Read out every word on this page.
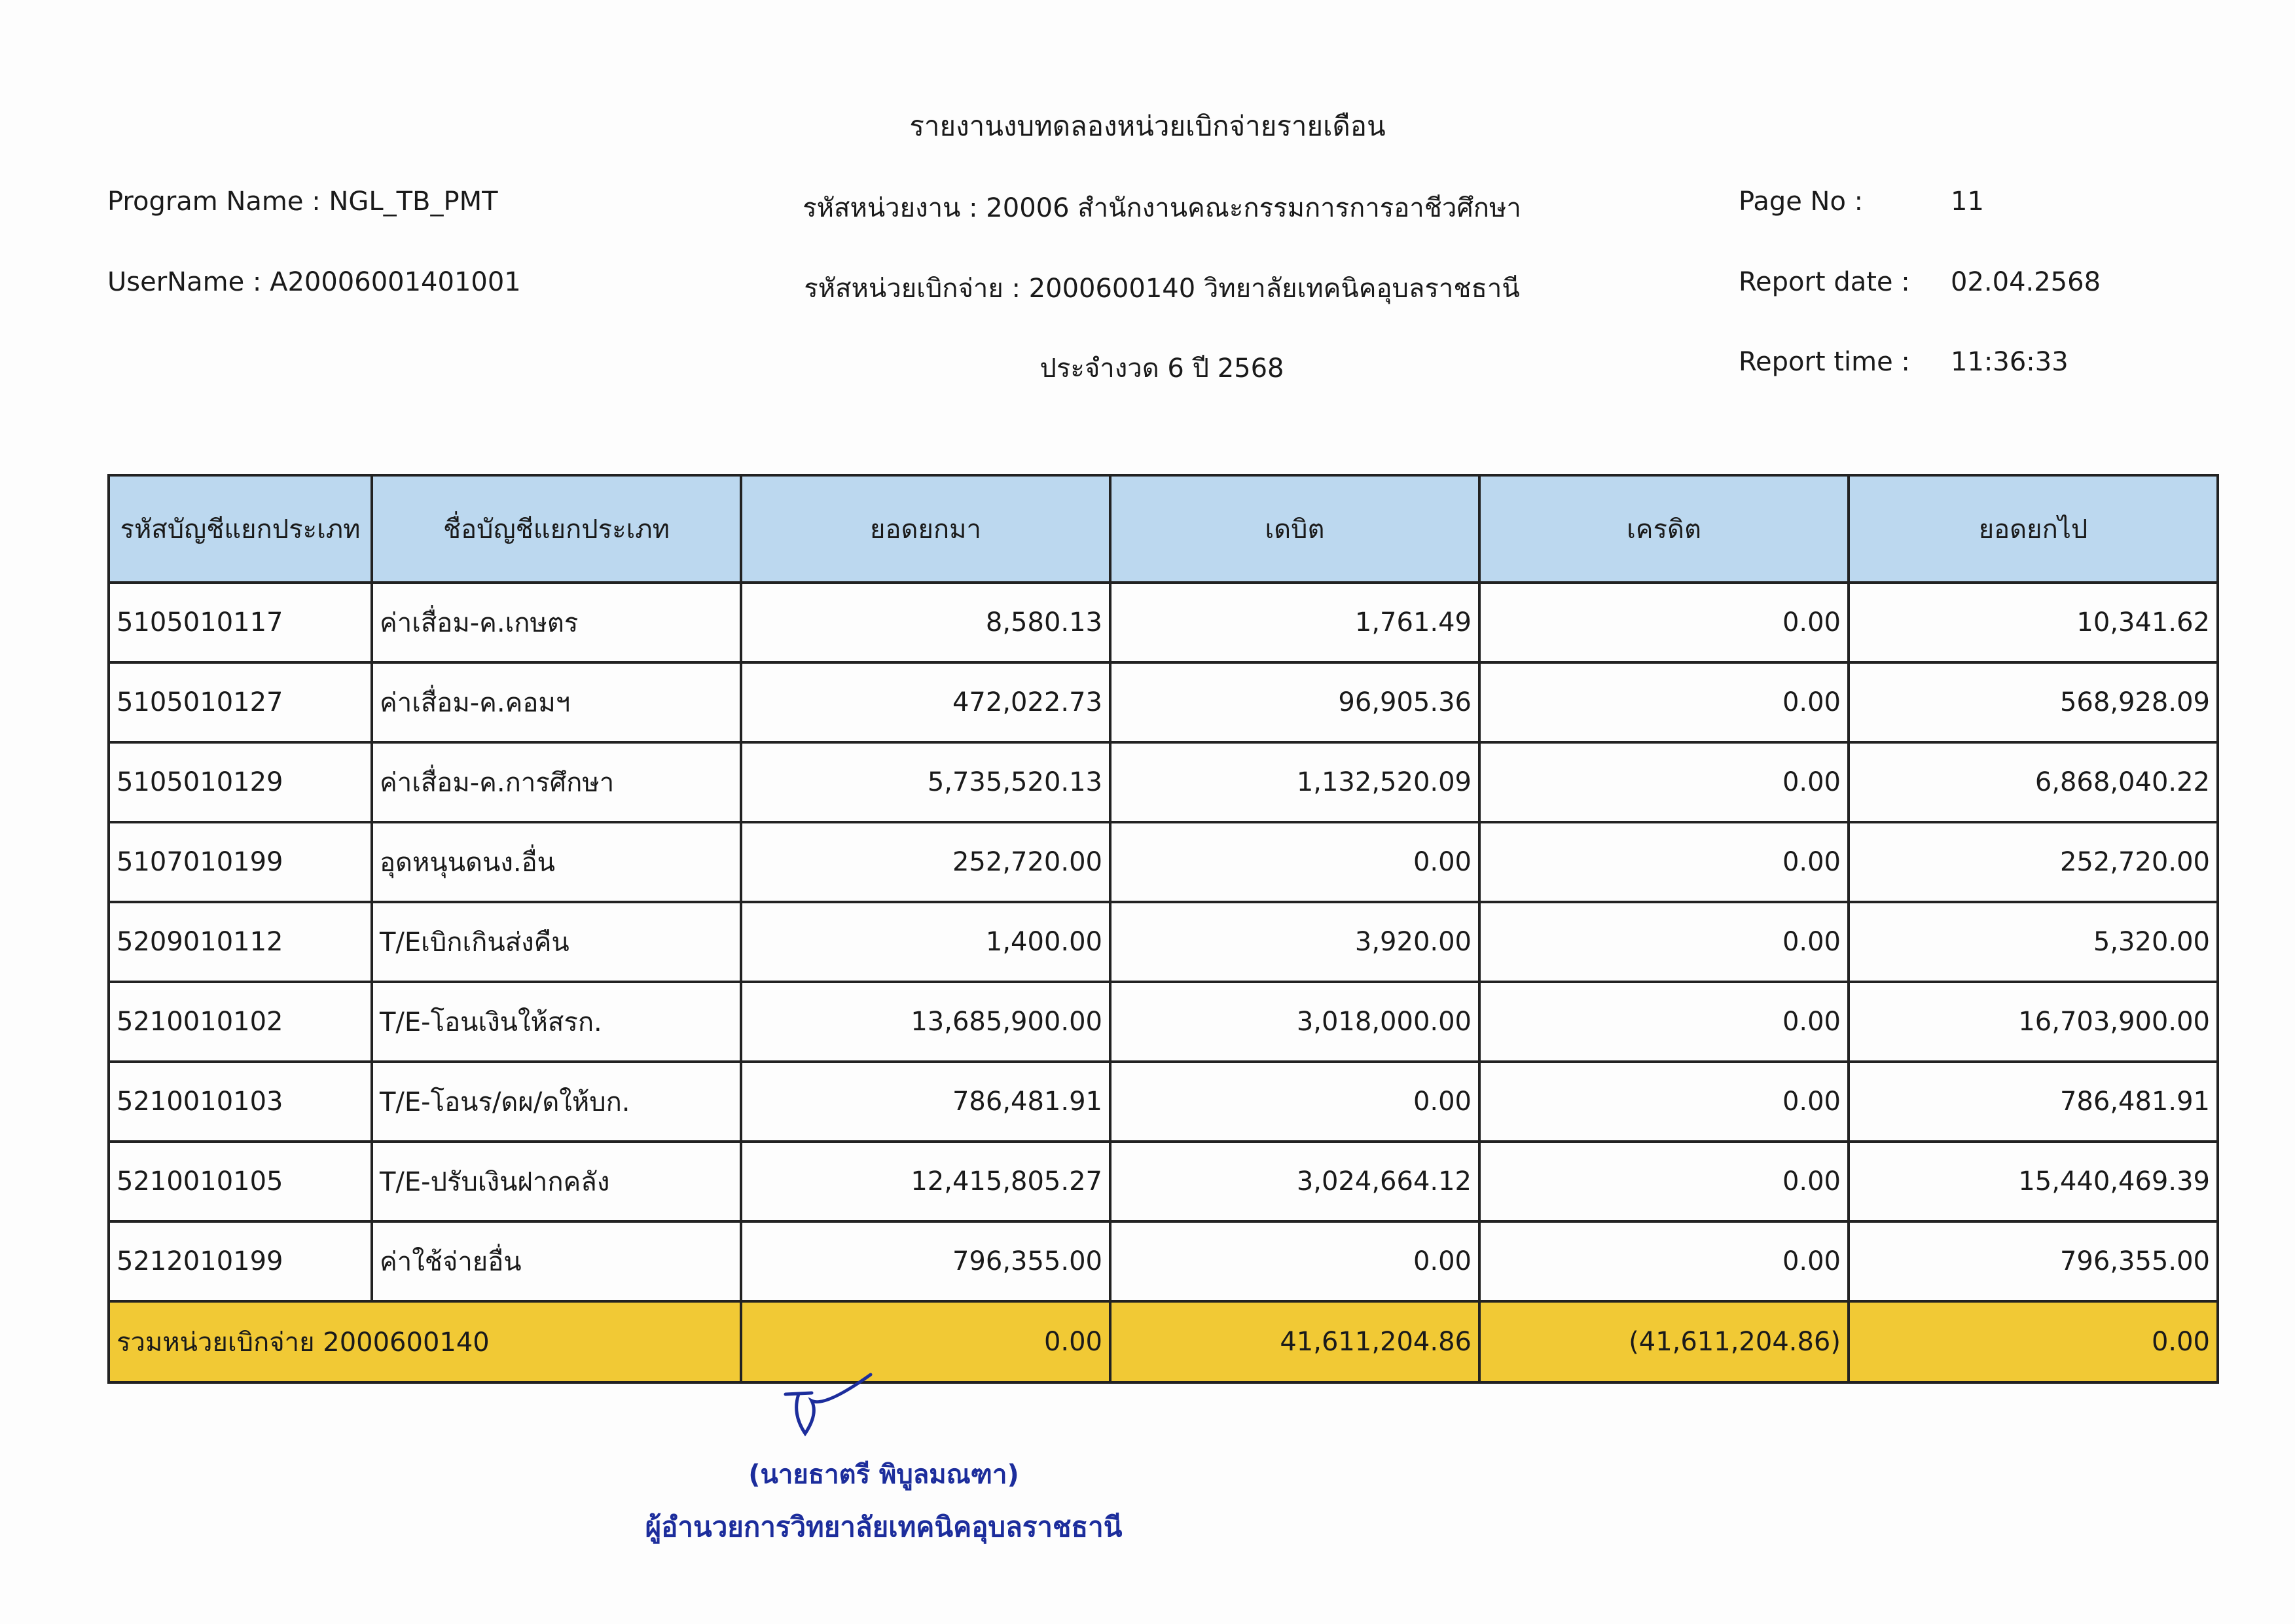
รายงานงบทดลองหน่วยเบิกจ่ายรายเดือน
Program Name : NGL_TB_PMT
UserName : A20006001401001
รหัสหน่วยงาน : 20006 สำนักงานคณะกรรมการการอาชีวศึกษา
รหัสหน่วยเบิกจ่าย : 2000600140 วิทยาลัยเทคนิคอุบลราชธานี
ประจำงวด 6 ปี 2568
Page No :	11
Report date : 02.04.2568
Report time : 11:36:33
รหัสบัญชีแยกประเภท	ชื่อบัญชีแยกประเภท	ยอดยกมา	เดบิต	เครดิต	ยอดยกไป
5105010117	ค่าเสื่อม-ค.เกษตร	8,580.13	1,761.49	0.00	10,341.62
5105010127	ค่าเสื่อม-ค.คอมฯ	472,022.73	96,905.36	0.00	568,928.09
5105010129	ค่าเสื่อม-ค.การศึกษา	5,735,520.13	1,132,520.09	0.00	6,868,040.22
5107010199	อุดหนุนดนง.อื่น	252,720.00	0.00	0.00	252,720.00
5209010112	T/Eเบิกเกินส่งคืน	1,400.00	3,920.00	0.00	5,320.00
5210010102	T/E-โอนเงินให้สรก.	13,685,900.00	3,018,000.00	0.00	16,703,900.00
5210010103	T/E-โอนร/ดผ/ดให้บก.	786,481.91	0.00	0.00	786,481.91
5210010105	T/E-ปรับเงินฝากคลัง	12,415,805.27	3,024,664.12	0.00	15,440,469.39
5212010199	ค่าใช้จ่ายอื่น	796,355.00	0.00	0.00	796,355.00
รวมหน่วยเบิกจ่าย 2000600140		0.00	41,611,204.86	(41,611,204.86)	0.00
(นายธาตรี พิบูลมณฑา)
ผู้อำนวยการวิทยาลัยเทคนิคอุบลราชธานี
